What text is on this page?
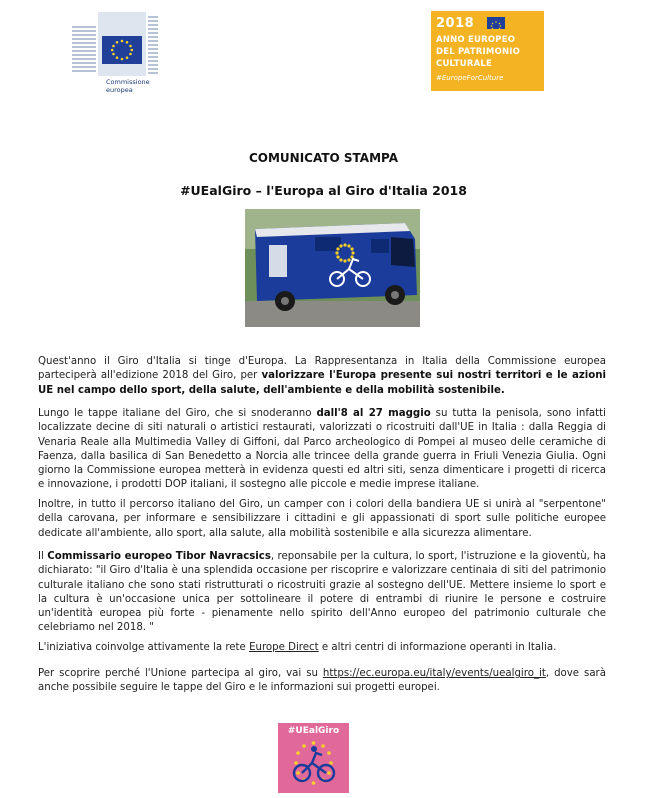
Commissione
europea
2018
ANNO EUROPEO
DEL PATRIMONIO
CULTURALE
#EuropeForCulture
COMUNICATO STAMPA
#UEalGiro – l'Europa al Giro d'Italia 2018

Quest'anno il Giro d'Italia si tinge d'Europa. La Rappresentanza in Italia della Commissione europea parteciperà all'edizione 2018 del Giro, per valorizzare l'Europa presente sui nostri territori e le azioni UE nel campo dello sport, della salute, dell'ambiente e della mobilità sostenibile.

Lungo le tappe italiane del Giro, che si snoderanno dall'8 al 27 maggio su tutta la penisola, sono infatti localizzate decine di siti naturali o artistici restaurati, valorizzati o ricostruiti dall'UE in Italia : dalla Reggia di Venaria Reale alla Multimedia Valley di Giffoni, dal Parco archeologico di Pompei al museo delle ceramiche di Faenza, dalla basilica di San Benedetto a Norcia alle trincee della grande guerra in Friuli Venezia Giulia. Ogni giorno la Commissione europea metterà in evidenza questi ed altri siti, senza dimenticare i progetti di ricerca e innovazione, i prodotti DOP italiani, il sostegno alle piccole e medie imprese italiane.

Inoltre, in tutto il percorso italiano del Giro, un camper con i colori della bandiera UE si unirà al "serpentone" della carovana, per informare e sensibilizzare i cittadini e gli appassionati di sport sulle politiche europee dedicate all'ambiente, allo sport, alla salute, alla mobilità sostenibile e alla sicurezza alimentare.

Il Commissario europeo Tibor Navracsics, reponsabile per la cultura, lo sport, l'istruzione e la gioventù, ha dichiarato: "il Giro d'Italia è una splendida occasione per riscoprire e valorizzare centinaia di siti del patrimonio culturale italiano che sono stati ristrutturati o ricostruiti grazie al sostegno dell'UE. Mettere insieme lo sport e la cultura è un'occasione unica per sottolineare il potere di entrambi di riunire le persone e costruire un'identità europea più forte - pienamente nello spirito dell'Anno europeo del patrimonio culturale che celebriamo nel 2018. "

L'iniziativa coinvolge attivamente la rete Europe Direct e altri centri di informazione operanti in Italia.

Per scoprire perché l'Unione partecipa al giro, vai su https://ec.europa.eu/italy/events/uealgiro_it, dove sarà anche possibile seguire le tappe del Giro e le informazioni sui progetti europei.

#UEalGiro
